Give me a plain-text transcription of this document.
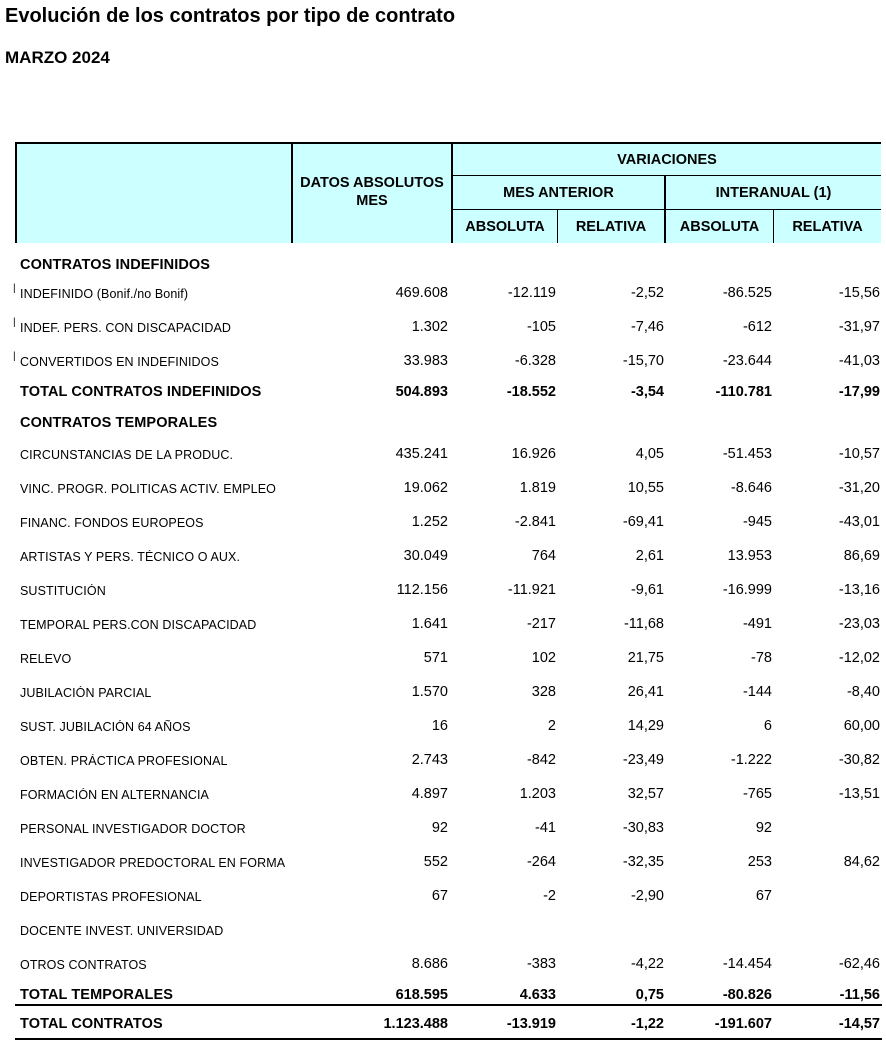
Evolución de los contratos por tipo de contrato
MARZO 2024
DATOS ABSOLUTOS
MES
VARIACIONES
MES ANTERIOR	INTERANUAL (1)
ABSOLUTA	RELATIVA	ABSOLUTA	RELATIVA
CONTRATOS INDEFINIDOS
INDEFINIDO (Bonif./no Bonif)	469.608	-12.119	-2,52	-86.525	-15,56
INDEF. PERS. CON DISCAPACIDAD	1.302	-105	-7,46	-612	-31,97
CONVERTIDOS EN INDEFINIDOS	33.983	-6.328	-15,70	-23.644	-41,03
TOTAL CONTRATOS INDEFINIDOS	504.893	-18.552	-3,54	-110.781	-17,99
CONTRATOS TEMPORALES
CIRCUNSTANCIAS DE LA PRODUC.	435.241	16.926	4,05	-51.453	-10,57
VINC. PROGR. POLITICAS ACTIV. EMPLEO	19.062	1.819	10,55	-8.646	-31,20
FINANC. FONDOS EUROPEOS	1.252	-2.841	-69,41	-945	-43,01
ARTISTAS Y PERS. TÉCNICO O AUX.	30.049	764	2,61	13.953	86,69
SUSTITUCIÓN	112.156	-11.921	-9,61	-16.999	-13,16
TEMPORAL PERS.CON DISCAPACIDAD	1.641	-217	-11,68	-491	-23,03
RELEVO	571	102	21,75	-78	-12,02
JUBILACIÓN PARCIAL	1.570	328	26,41	-144	-8,40
SUST. JUBILACIÓN 64 AÑOS	16	2	14,29	6	60,00
OBTEN. PRÁCTICA PROFESIONAL	2.743	-842	-23,49	-1.222	-30,82
FORMACIÓN EN ALTERNANCIA	4.897	1.203	32,57	-765	-13,51
PERSONAL INVESTIGADOR DOCTOR	92	-41	-30,83	92
INVESTIGADOR PREDOCTORAL EN FORMA	552	-264	-32,35	253	84,62
DEPORTISTAS PROFESIONAL	67	-2	-2,90	67
DOCENTE INVEST. UNIVERSIDAD
OTROS CONTRATOS	8.686	-383	-4,22	-14.454	-62,46
TOTAL TEMPORALES	618.595	4.633	0,75	-80.826	-11,56
TOTAL CONTRATOS	1.123.488	-13.919	-1,22	-191.607	-14,57
|
|
|
